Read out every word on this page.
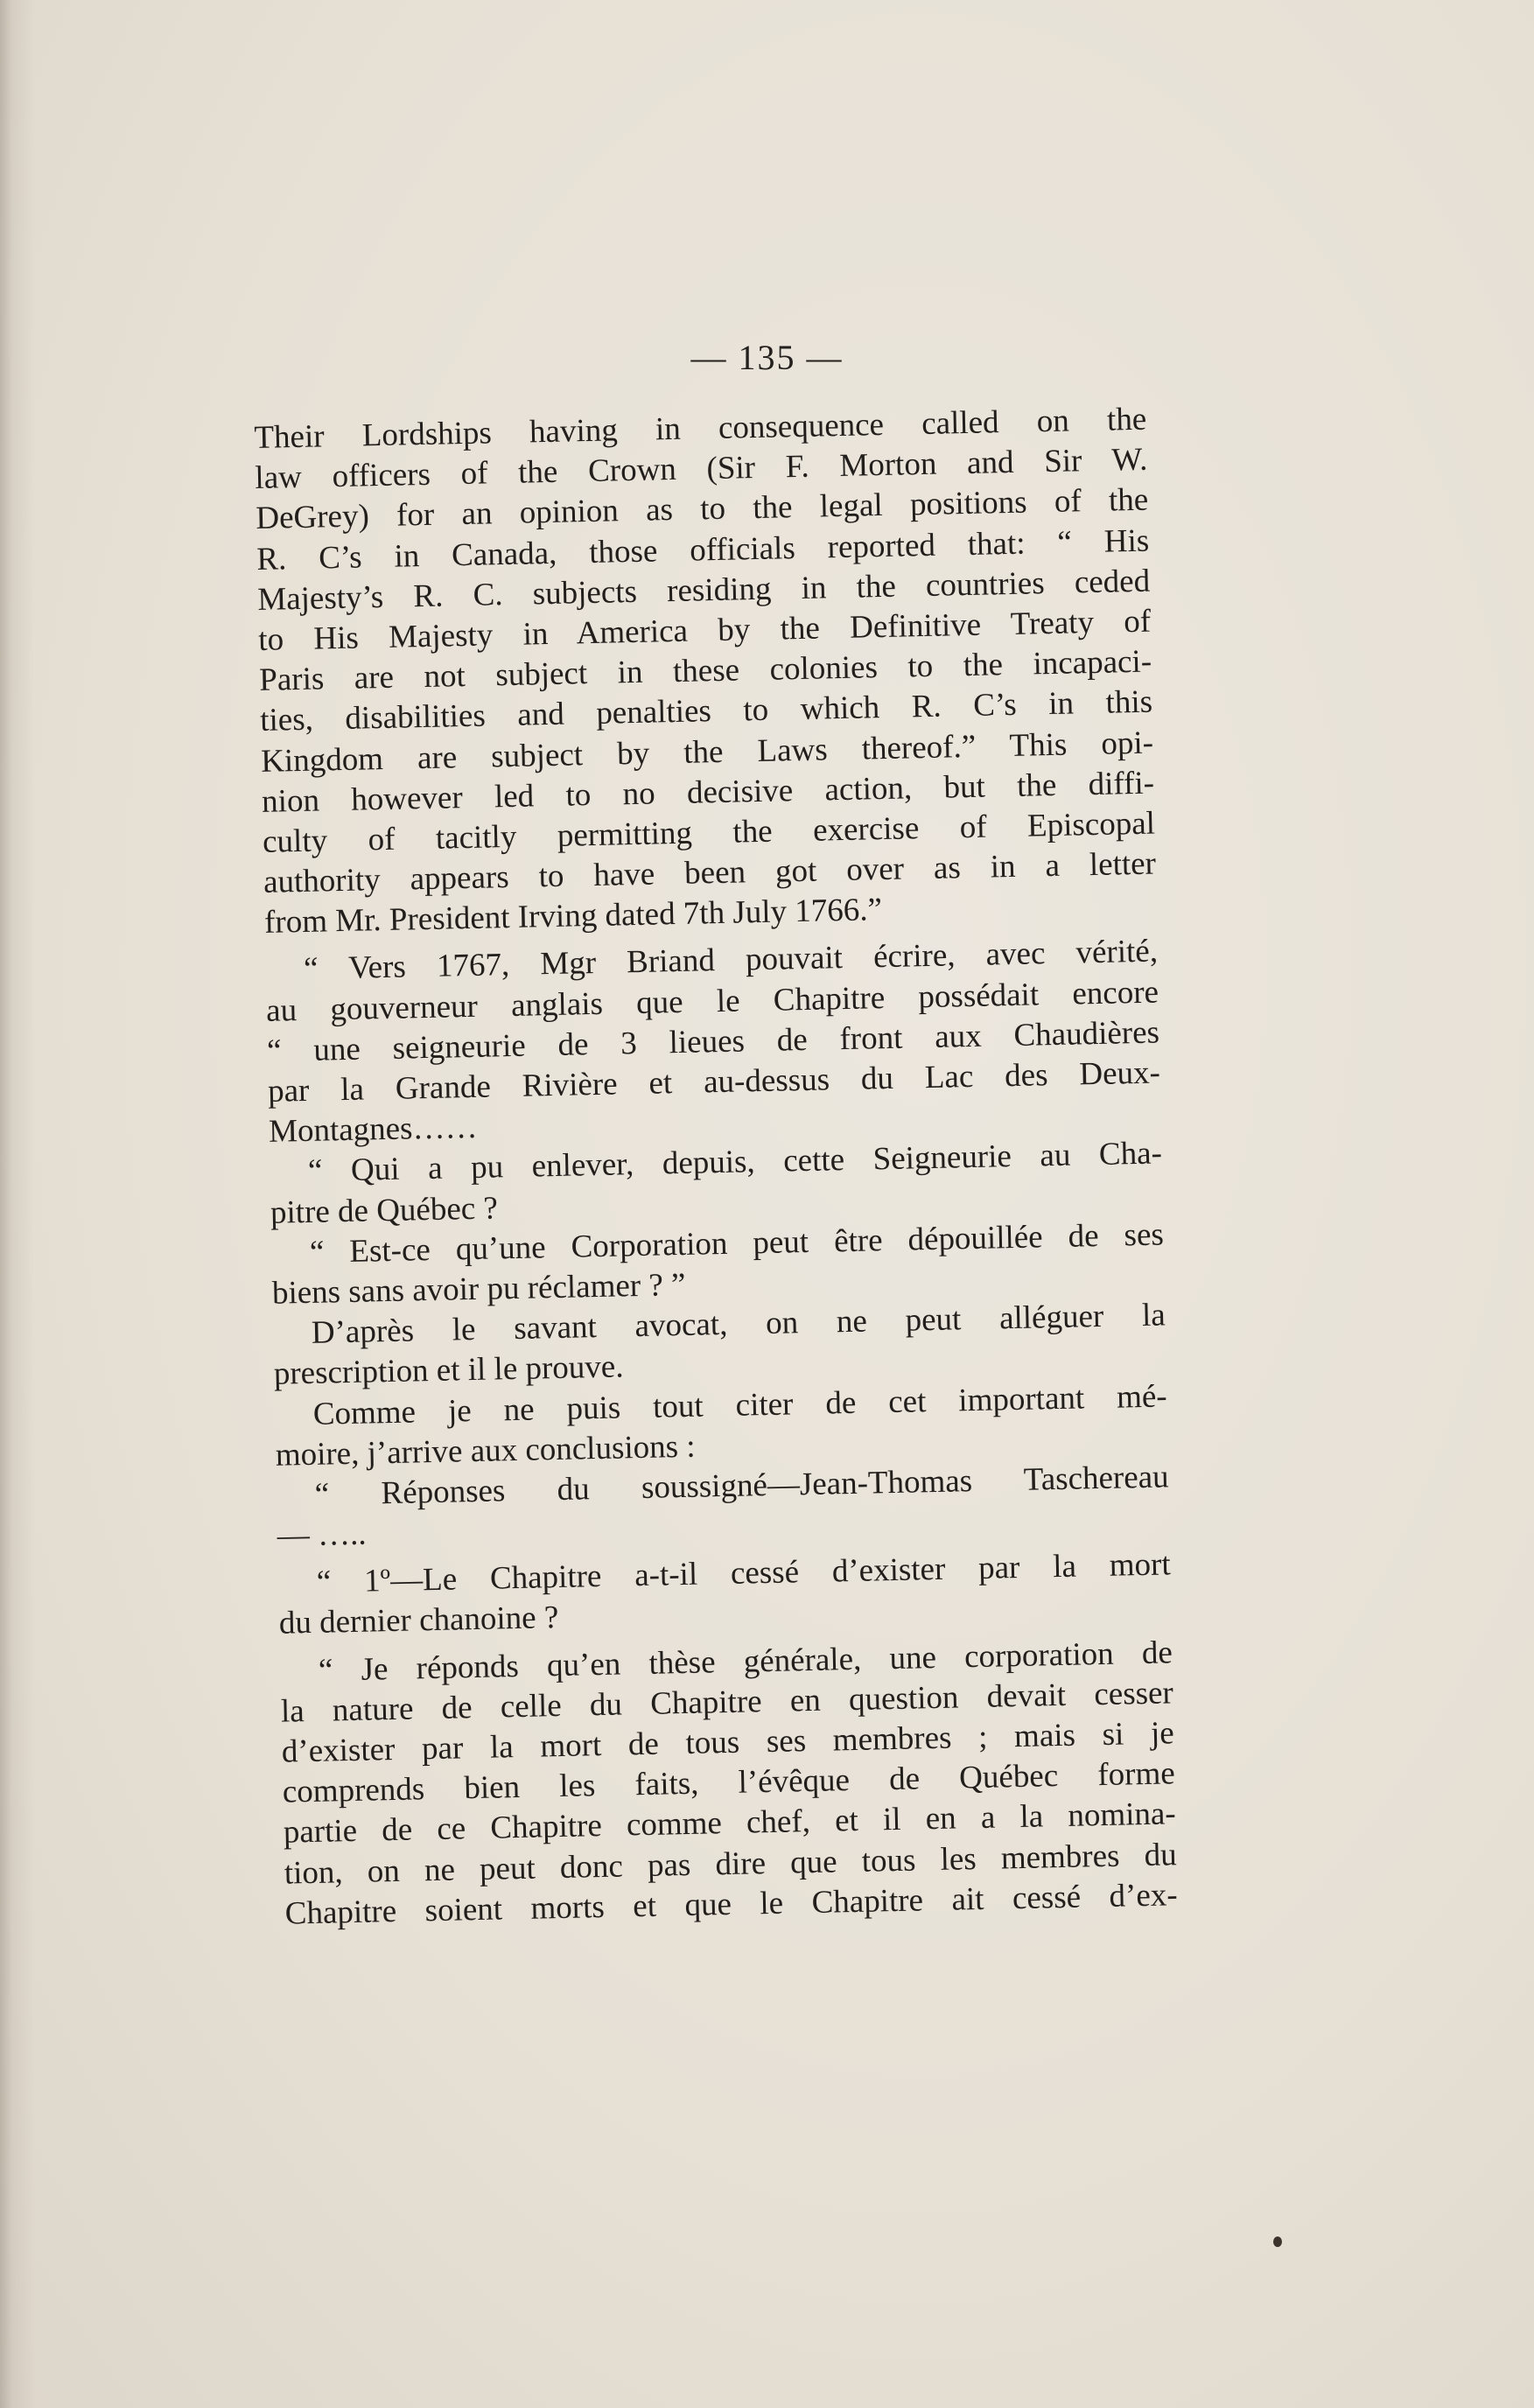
— 135 —
Their Lordships having in consequence called on the
law officers of the Crown (Sir F. Morton and Sir W.
DeGrey) for an opinion as to the legal positions of the
R. C’s in Canada, those officials reported that: “ His
Majesty’s R. C. subjects residing in the countries ceded
to His Majesty in America by the Definitive Treaty of
Paris are not subject in these colonies to the incapaci-
ties, disabilities and penalties to which R. C’s in this
Kingdom are subject by the Laws thereof.” This opi-
nion however led to no decisive action, but the diffi-
culty of tacitly permitting the exercise of Episcopal
authority appears to have been got over as in a letter
from Mr. President Irving dated 7th July 1766.”
“ Vers 1767, Mgr Briand pouvait écrire, avec vérité,
au gouverneur anglais que le Chapitre possédait encore
“ une seigneurie de 3 lieues de front aux Chaudières
par la Grande Rivière et au-dessus du Lac des Deux-
Montagnes……
“ Qui a pu enlever, depuis, cette Seigneurie au Cha-
pitre de Québec ?
“ Est-ce qu’une Corporation peut être dépouillée de ses
biens sans avoir pu réclamer ? ”
D’après le savant avocat, on ne peut alléguer la
prescription et il le prouve.
Comme je ne puis tout citer de cet important mé-
moire, j’arrive aux conclusions :
“ Réponses du soussigné—Jean-Thomas Taschereau
— …..
“ 1º—Le Chapitre a-t-il cessé d’exister par la mort
du dernier chanoine ?
“ Je réponds qu’en thèse générale, une corporation de
la nature de celle du Chapitre en question devait cesser
d’exister par la mort de tous ses membres ; mais si je
comprends bien les faits, l’évêque de Québec forme
partie de ce Chapitre comme chef, et il en a la nomina-
tion, on ne peut donc pas dire que tous les membres du
Chapitre soient morts et que le Chapitre ait cessé d’ex-
